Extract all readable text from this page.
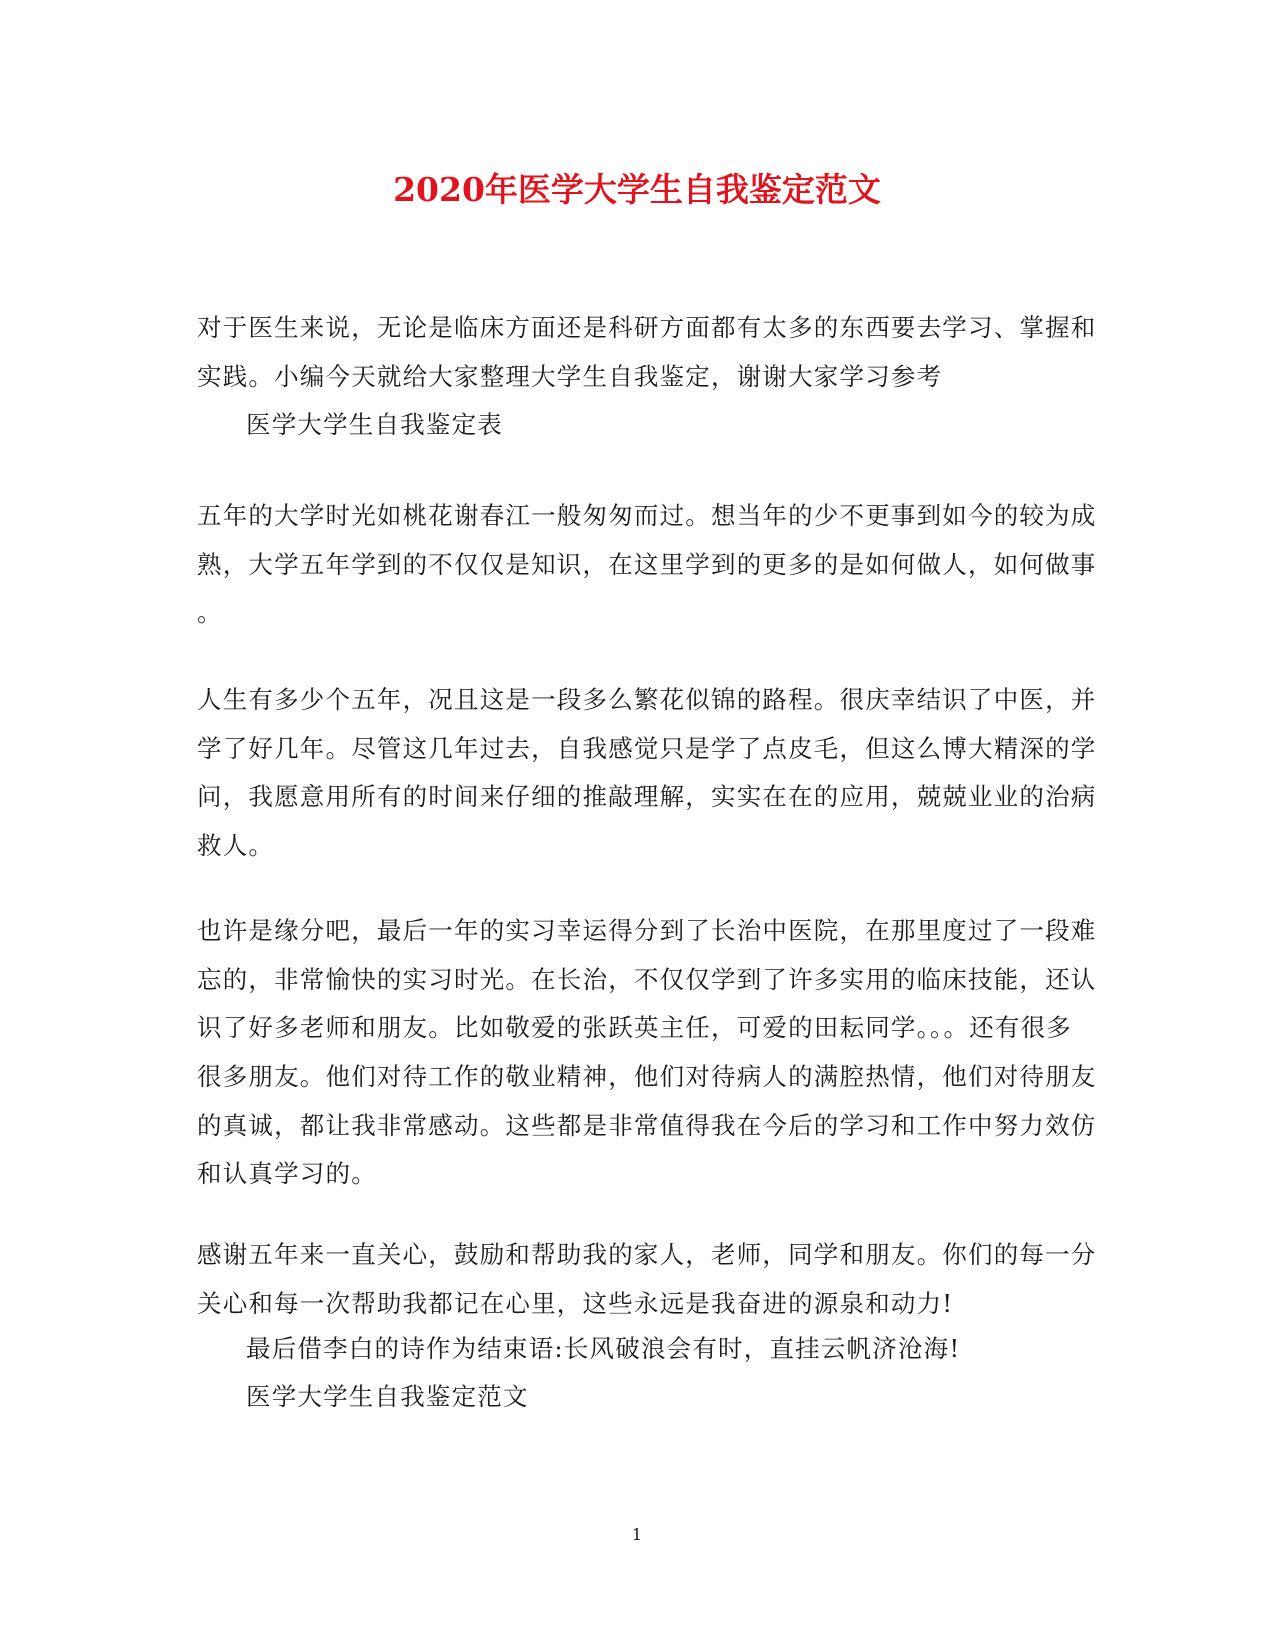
2020年医学大学生自我鉴定范文
对于医生来说，无论是临床方面还是科研方面都有太多的东西要去学习、掌握和
实践。小编今天就给大家整理大学生自我鉴定，谢谢大家学习参考
医学大学生自我鉴定表
五年的大学时光如桃花谢春江一般匆匆而过。想当年的少不更事到如今的较为成
熟，大学五年学到的不仅仅是知识，在这里学到的更多的是如何做人，如何做事
。
人生有多少个五年，况且这是一段多么繁花似锦的路程。很庆幸结识了中医，并
学了好几年。尽管这几年过去，自我感觉只是学了点皮毛，但这么博大精深的学
问，我愿意用所有的时间来仔细的推敲理解，实实在在的应用，兢兢业业的治病
救人。
也许是缘分吧，最后一年的实习幸运得分到了长治中医院，在那里度过了一段难
忘的，非常愉快的实习时光。在长治，不仅仅学到了许多实用的临床技能，还认
识了好多老师和朋友。比如敬爱的张跃英主任，可爱的田耘同学。。。还有很多
很多朋友。他们对待工作的敬业精神，他们对待病人的满腔热情，他们对待朋友
的真诚，都让我非常感动。这些都是非常值得我在今后的学习和工作中努力效仿
和认真学习的。
感谢五年来一直关心，鼓励和帮助我的家人，老师，同学和朋友。你们的每一分
关心和每一次帮助我都记在心里，这些永远是我奋进的源泉和动力!
最后借李白的诗作为结束语:长风破浪会有时，直挂云帆济沧海!
医学大学生自我鉴定范文
1
